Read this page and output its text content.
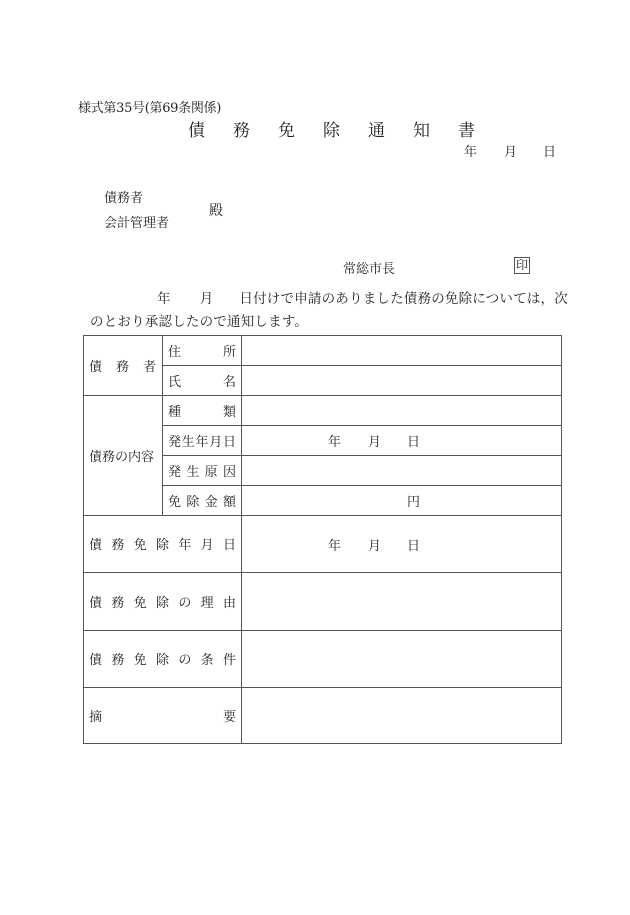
様式第35号(第69条関係)
債 務 免 除 通 知 書
年 月 日
債務者
会計管理者
殿
常総市長	印
年 月 日付けで申請のありました債務の免除については，次
のとおり承認したので通知します。
債 務 者
住	所
氏	名
債務の内容
種	類
発 生 年 月 日	年 月 日
発 生 原 因
免 除 金 額	円
債 務 免 除 年 月 日	年 月 日
債 務 免 除 の 理 由
債 務 免 除 の 条 件
摘	要
